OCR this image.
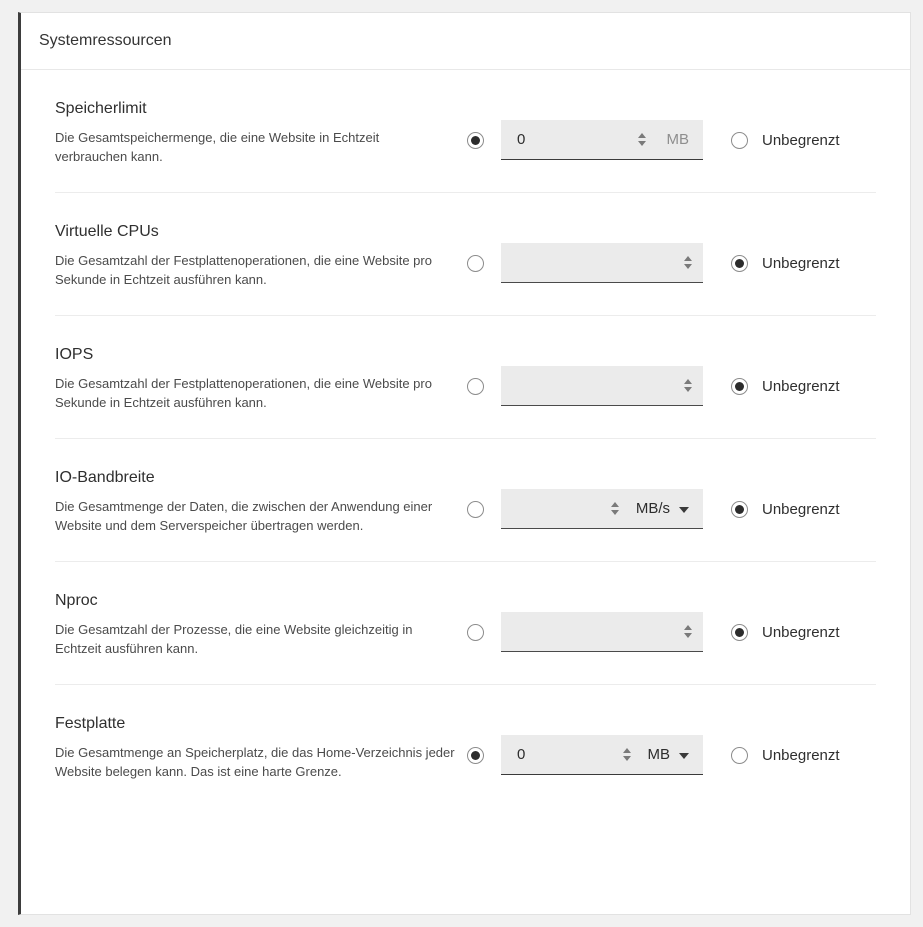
Systemressourcen
Speicherlimit
Die Gesamtspeichermenge, die eine Website in Echtzeit verbrauchen kann.
0
MB	Unbegrenzt
Virtuelle CPUs
Die Gesamtzahl der Festplattenoperationen, die eine Website pro Sekunde in Echtzeit ausführen kann.
Unbegrenzt
IOPS
Die Gesamtzahl der Festplattenoperationen, die eine Website pro Sekunde in Echtzeit ausführen kann.
Unbegrenzt
IO-Bandbreite
Die Gesamtmenge der Daten, die zwischen der Anwendung einer Website und dem Serverspeicher übertragen werden.
MB/s	Unbegrenzt
Nproc
Die Gesamtzahl der Prozesse, die eine Website gleichzeitig in Echtzeit ausführen kann.
Unbegrenzt
Festplatte
Die Gesamtmenge an Speicherplatz, die das Home-Verzeichnis jeder Website belegen kann. Das ist eine harte Grenze.
0
MB	Unbegrenzt
